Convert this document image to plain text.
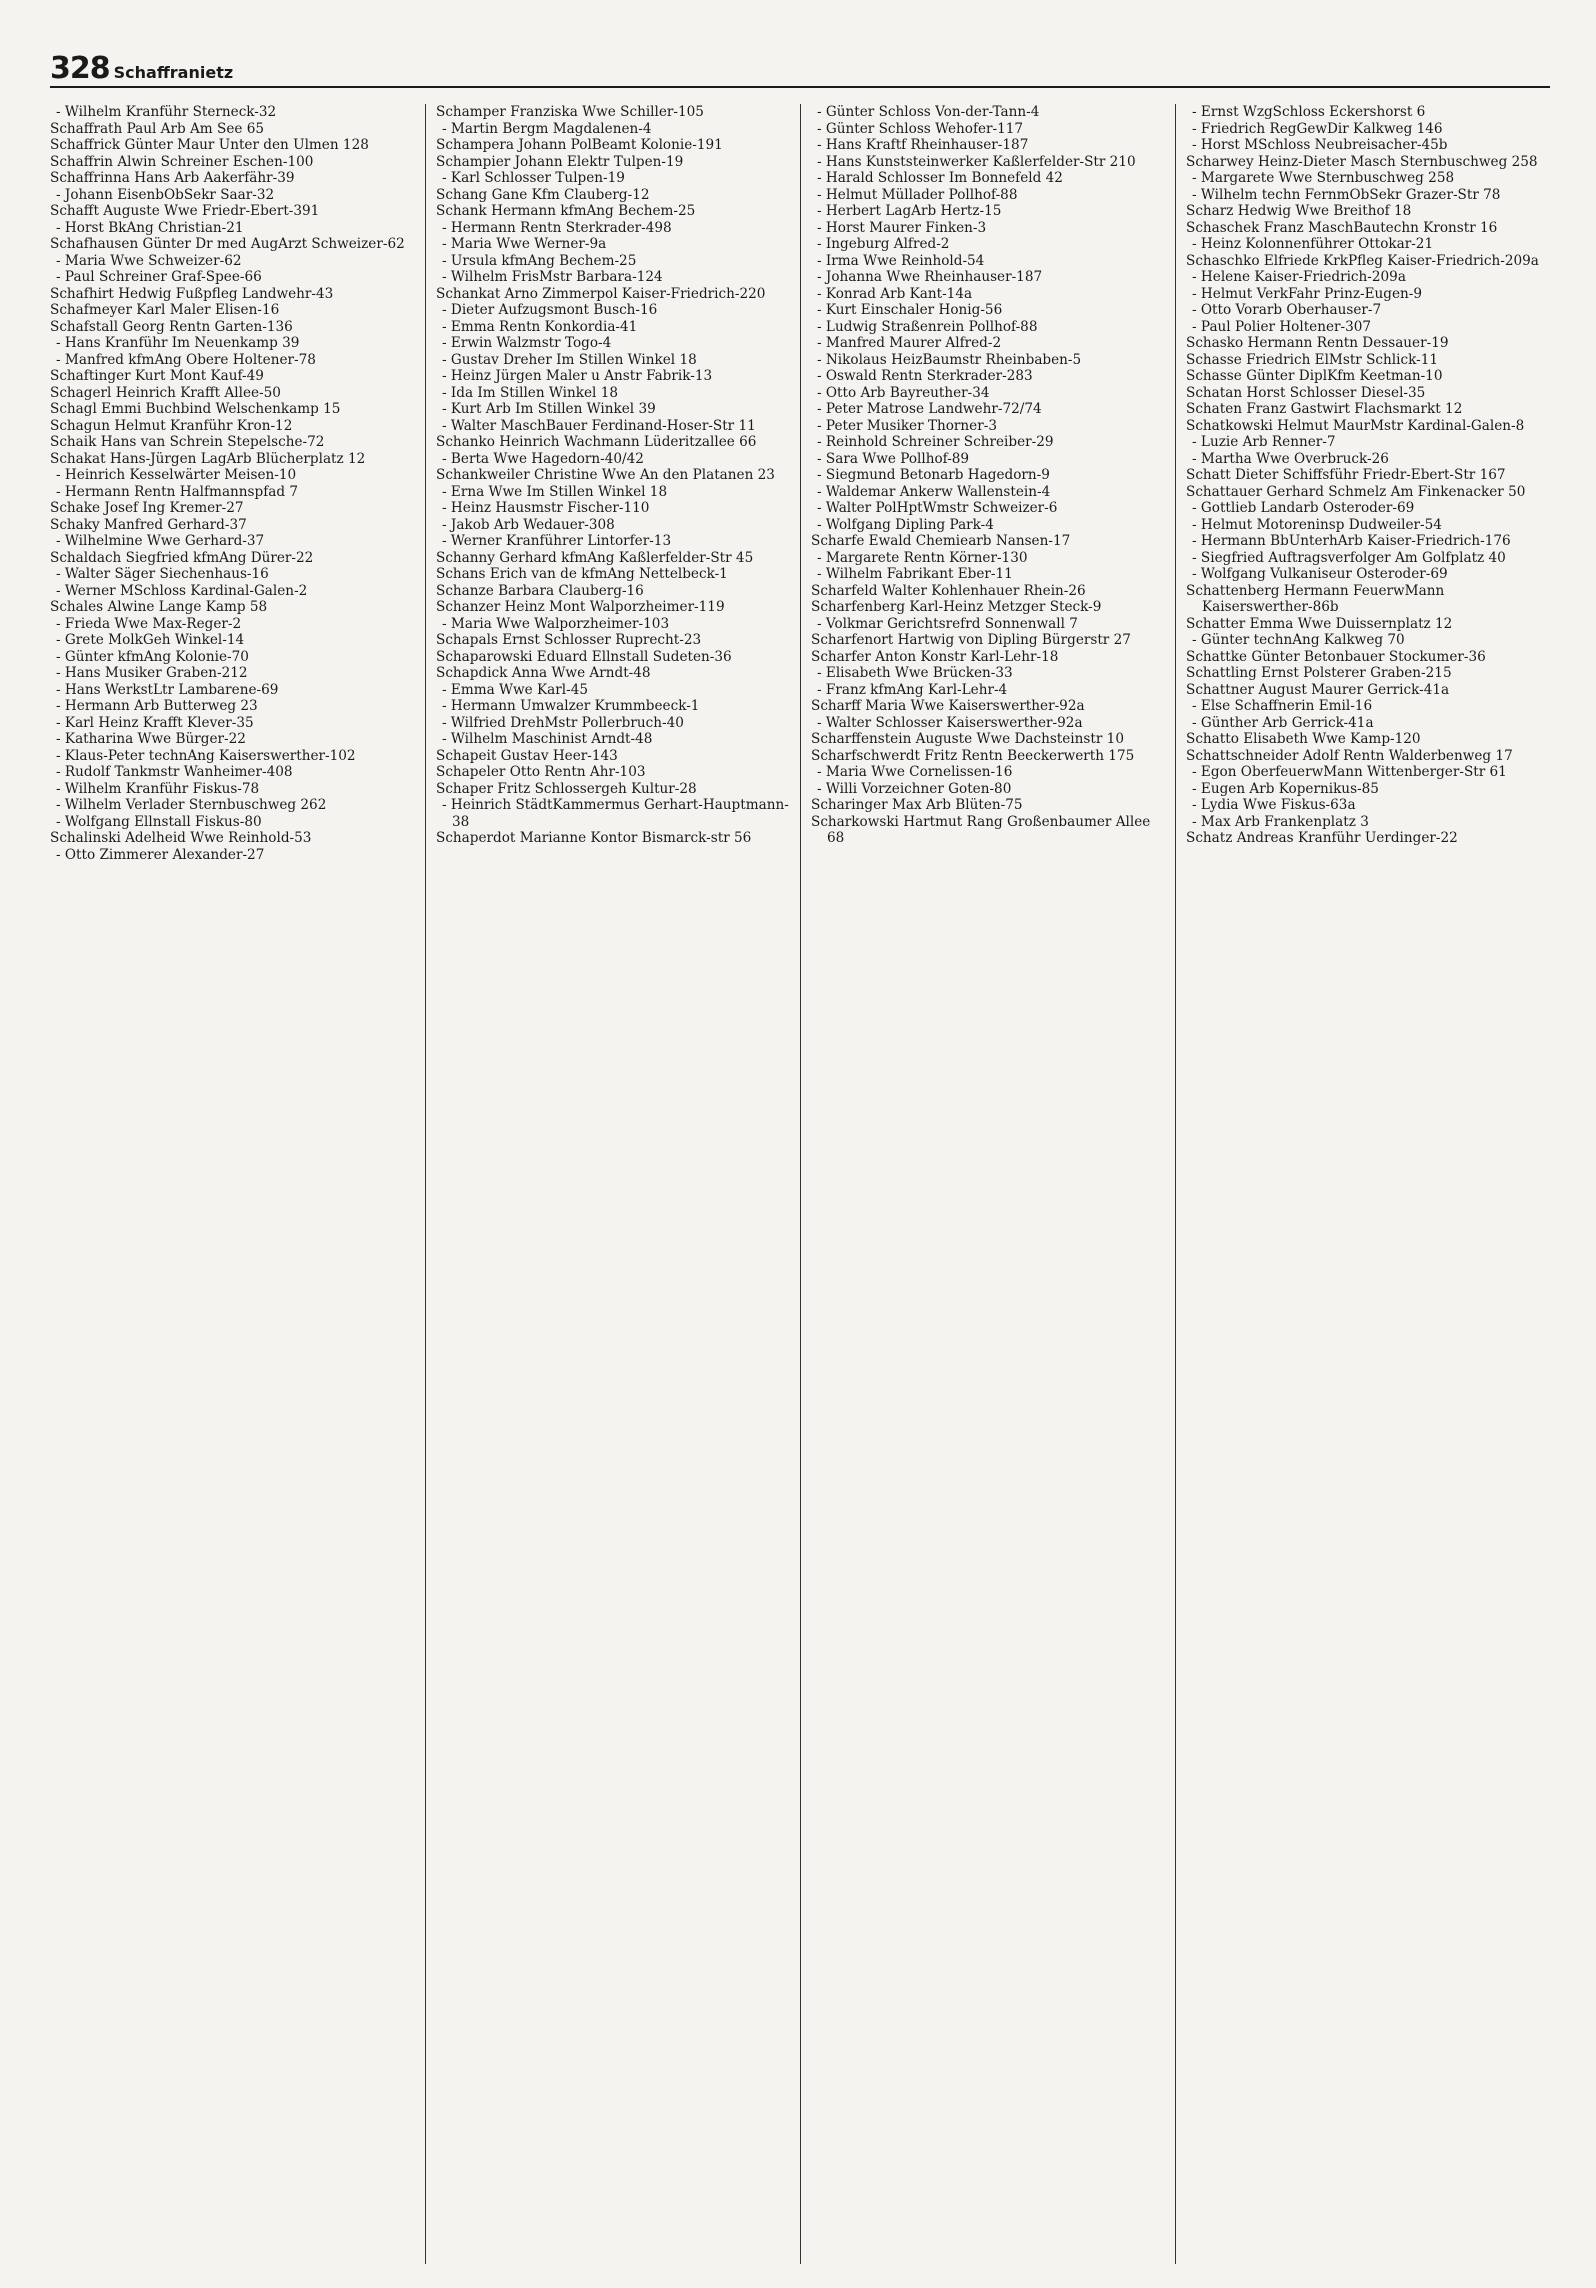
328 Schaffranietz
- Wilhelm Kranführ Sterneck-32
Schaffrath Paul Arb Am See 65
Schaffrick Günter Maur Unter den Ulmen 128
Schaffrin Alwin Schreiner Eschen-100
Schaffrinna Hans Arb Aakerfähr-39
- Johann EisenbObSekr Saar-32
Schafft Auguste Wwe Friedr-Ebert-391
- Horst BkAng Christian-21
Schafhausen Günter Dr med AugArzt Schweizer-62
- Maria Wwe Schweizer-62
- Paul Schreiner Graf-Spee-66
Schafhirt Hedwig Fußpfleg Landwehr-43
Schafmeyer Karl Maler Elisen-16
Schafstall Georg Rentn Garten-136
- Hans Kranführ Im Neuenkamp 39
- Manfred kfmAng Obere Holtener-78
Schaftinger Kurt Mont Kauf-49
Schagerl Heinrich Krafft Allee-50
Schagl Emmi Buchbind Welschenkamp 15
Schagun Helmut Kranführ Kron-12
Schaik Hans van Schrein Stepelsche-72
Schakat Hans-Jürgen LagArb Blücherplatz 12
- Heinrich Kesselwärter Meisen-10
- Hermann Rentn Halfmannspfad 7
Schake Josef Ing Kremer-27
Schaky Manfred Gerhard-37
- Wilhelmine Wwe Gerhard-37
Schaldach Siegfried kfmAng Dürer-22
- Walter Säger Siechenhaus-16
- Werner MSchloss Kardinal-Galen-2
Schales Alwine Lange Kamp 58
- Frieda Wwe Max-Reger-2
- Grete MolkGeh Winkel-14
- Günter kfmAng Kolonie-70
- Hans Musiker Graben-212
- Hans WerkstLtr Lambarene-69
- Hermann Arb Butterweg 23
- Karl Heinz Krafft Klever-35
- Katharina Wwe Bürger-22
- Klaus-Peter technAng Kaiserswerther-102
- Rudolf Tankmstr Wanheimer-408
- Wilhelm Kranführ Fiskus-78
- Wilhelm Verlader Sternbuschweg 262
- Wolfgang Ellnstall Fiskus-80
Schalinski Adelheid Wwe Reinhold-53
- Otto Zimmerer Alexander-27
Schamper Franziska Wwe Schiller-105
- Martin Bergm Magdalenen-4
Schampera Johann PolBeamt Kolonie-191
Schampier Johann Elektr Tulpen-19
- Karl Schlosser Tulpen-19
Schang Gane Kfm Clauberg-12
Schank Hermann kfmAng Bechem-25
- Hermann Rentn Sterkrader-498
- Maria Wwe Werner-9a
- Ursula kfmAng Bechem-25
- Wilhelm FrisMstr Barbara-124
Schankat Arno Zimmerpol Kaiser-Friedrich-220
- Dieter Aufzugsmont Busch-16
- Emma Rentn Konkordia-41
- Erwin Walzmstr Togo-4
- Gustav Dreher Im Stillen Winkel 18
- Heinz Jürgen Maler u Anstr Fabrik-13
- Ida Im Stillen Winkel 18
- Kurt Arb Im Stillen Winkel 39
- Walter MaschBauer Ferdinand-Hoser-Str 11
Schanko Heinrich Wachmann Lüderitzallee 66
- Berta Wwe Hagedorn-40/42
Schankweiler Christine Wwe An den Platanen 23
- Erna Wwe Im Stillen Winkel 18
- Heinz Hausmstr Fischer-110
- Jakob Arb Wedauer-308
- Werner Kranführer Lintorfer-13
Schanny Gerhard kfmAng Kaßlerfelder-Str 45
Schans Erich van de kfmAng Nettelbeck-1
Schanze Barbara Clauberg-16
Schanzer Heinz Mont Walporzheimer-119
- Maria Wwe Walporzheimer-103
Schapals Ernst Schlosser Ruprecht-23
Schaparowski Eduard Ellnstall Sudeten-36
Schapdick Anna Wwe Arndt-48
- Emma Wwe Karl-45
- Hermann Umwalzer Krummbeeck-1
- Wilfried DrehMstr Pollerbruch-40
- Wilhelm Maschinist Arndt-48
Schapeit Gustav Heer-143
Schapeler Otto Rentn Ahr-103
Schaper Fritz Schlossergeh Kultur-28
- Heinrich StädtKammermus Gerhart-Hauptmann-38
Schaperdot Marianne Kontor Bismarck-str 56
- Günter Schloss Von-der-Tann-4
- Günter Schloss Wehofer-117
- Hans Kraftf Rheinhauser-187
- Hans Kunststeinwerker Kaßlerfelder-Str 210
- Harald Schlosser Im Bonnefeld 42
- Helmut Müllader Pollhof-88
- Herbert LagArb Hertz-15
- Horst Maurer Finken-3
- Ingeburg Alfred-2
- Irma Wwe Reinhold-54
- Johanna Wwe Rheinhauser-187
- Konrad Arb Kant-14a
- Kurt Einschaler Honig-56
- Ludwig Straßenrein Pollhof-88
- Manfred Maurer Alfred-2
- Nikolaus HeizBaumstr Rheinbaben-5
- Oswald Rentn Sterkrader-283
- Otto Arb Bayreuther-34
- Peter Matrose Landwehr-72/74
- Peter Musiker Thorner-3
- Reinhold Schreiner Schreiber-29
- Sara Wwe Pollhof-89
- Siegmund Betonarb Hagedorn-9
- Waldemar Ankerw Wallenstein-4
- Walter PolHptWmstr Schweizer-6
- Wolfgang Dipling Park-4
Scharfe Ewald Chemiearb Nansen-17
- Margarete Rentn Körner-130
- Wilhelm Fabrikant Eber-11
Scharfeld Walter Kohlenhauer Rhein-26
Scharfenberg Karl-Heinz Metzger Steck-9
- Volkmar Gerichtsrefrd Sonnenwall 7
Scharfenort Hartwig von Dipling Bürgerstr 27
Scharfer Anton Konstr Karl-Lehr-18
- Elisabeth Wwe Brücken-33
- Franz kfmAng Karl-Lehr-4
Scharff Maria Wwe Kaiserswerther-92a
- Walter Schlosser Kaiserswerther-92a
Scharffenstein Auguste Wwe Dachsteinstr 10
Scharfschwerdt Fritz Rentn Beeckerwerth 175
- Maria Wwe Cornelissen-16
- Willi Vorzeichner Goten-80
Scharinger Max Arb Blüten-75
Scharkowski Hartmut Rang Großenbaumer Allee 68
- Ernst WzgSchloss Eckershorst 6
- Friedrich RegGewDir Kalkweg 146
- Horst MSchloss Neubreisacher-45b
Scharwey Heinz-Dieter Masch Sternbuschweg 258
- Margarete Wwe Sternbuschweg 258
- Wilhelm techn FernmObSekr Grazer-Str 78
Scharz Hedwig Wwe Breithof 18
Schaschek Franz MaschBautechn Kronstr 16
- Heinz Kolonnenführer Ottokar-21
Schaschko Elfriede KrkPfleg Kaiser-Friedrich-209a
- Helene Kaiser-Friedrich-209a
- Helmut VerkFahr Prinz-Eugen-9
- Otto Vorarb Oberhauser-7
- Paul Polier Holtener-307
Schasko Hermann Rentn Dessauer-19
Schasse Friedrich ElMstr Schlick-11
Schasse Günter DiplKfm Keetman-10
Schatan Horst Schlosser Diesel-35
Schaten Franz Gastwirt Flachsmarkt 12
Schatkowski Helmut MaurMstr Kardinal-Galen-8
- Luzie Arb Renner-7
- Martha Wwe Overbruck-26
Schatt Dieter Schiffsführ Friedr-Ebert-Str 167
Schattauer Gerhard Schmelz Am Finkenacker 50
- Gottlieb Landarb Osteroder-69
- Helmut Motoreninsp Dudweiler-54
- Hermann BbUnterhArb Kaiser-Friedrich-176
- Siegfried Auftragsverfolger Am Golfplatz 40
- Wolfgang Vulkaniseur Osteroder-69
Schattenberg Hermann FeuerwMann Kaiserswerther-86b
Schatter Emma Wwe Duissernplatz 12
- Günter technAng Kalkweg 70
Schattke Günter Betonbauer Stockumer-36
Schattling Ernst Polsterer Graben-215
Schattner August Maurer Gerrick-41a
- Else Schaffnerin Emil-16
- Günther Arb Gerrick-41a
Schatto Elisabeth Wwe Kamp-120
Schattschneider Adolf Rentn Walderbenweg 17
- Egon OberfeuerwMann Wittenberger-Str 61
- Eugen Arb Kopernikus-85
- Lydia Wwe Fiskus-63a
- Max Arb Frankenplatz 3
Schatz Andreas Kranführ Uerdinger-22
